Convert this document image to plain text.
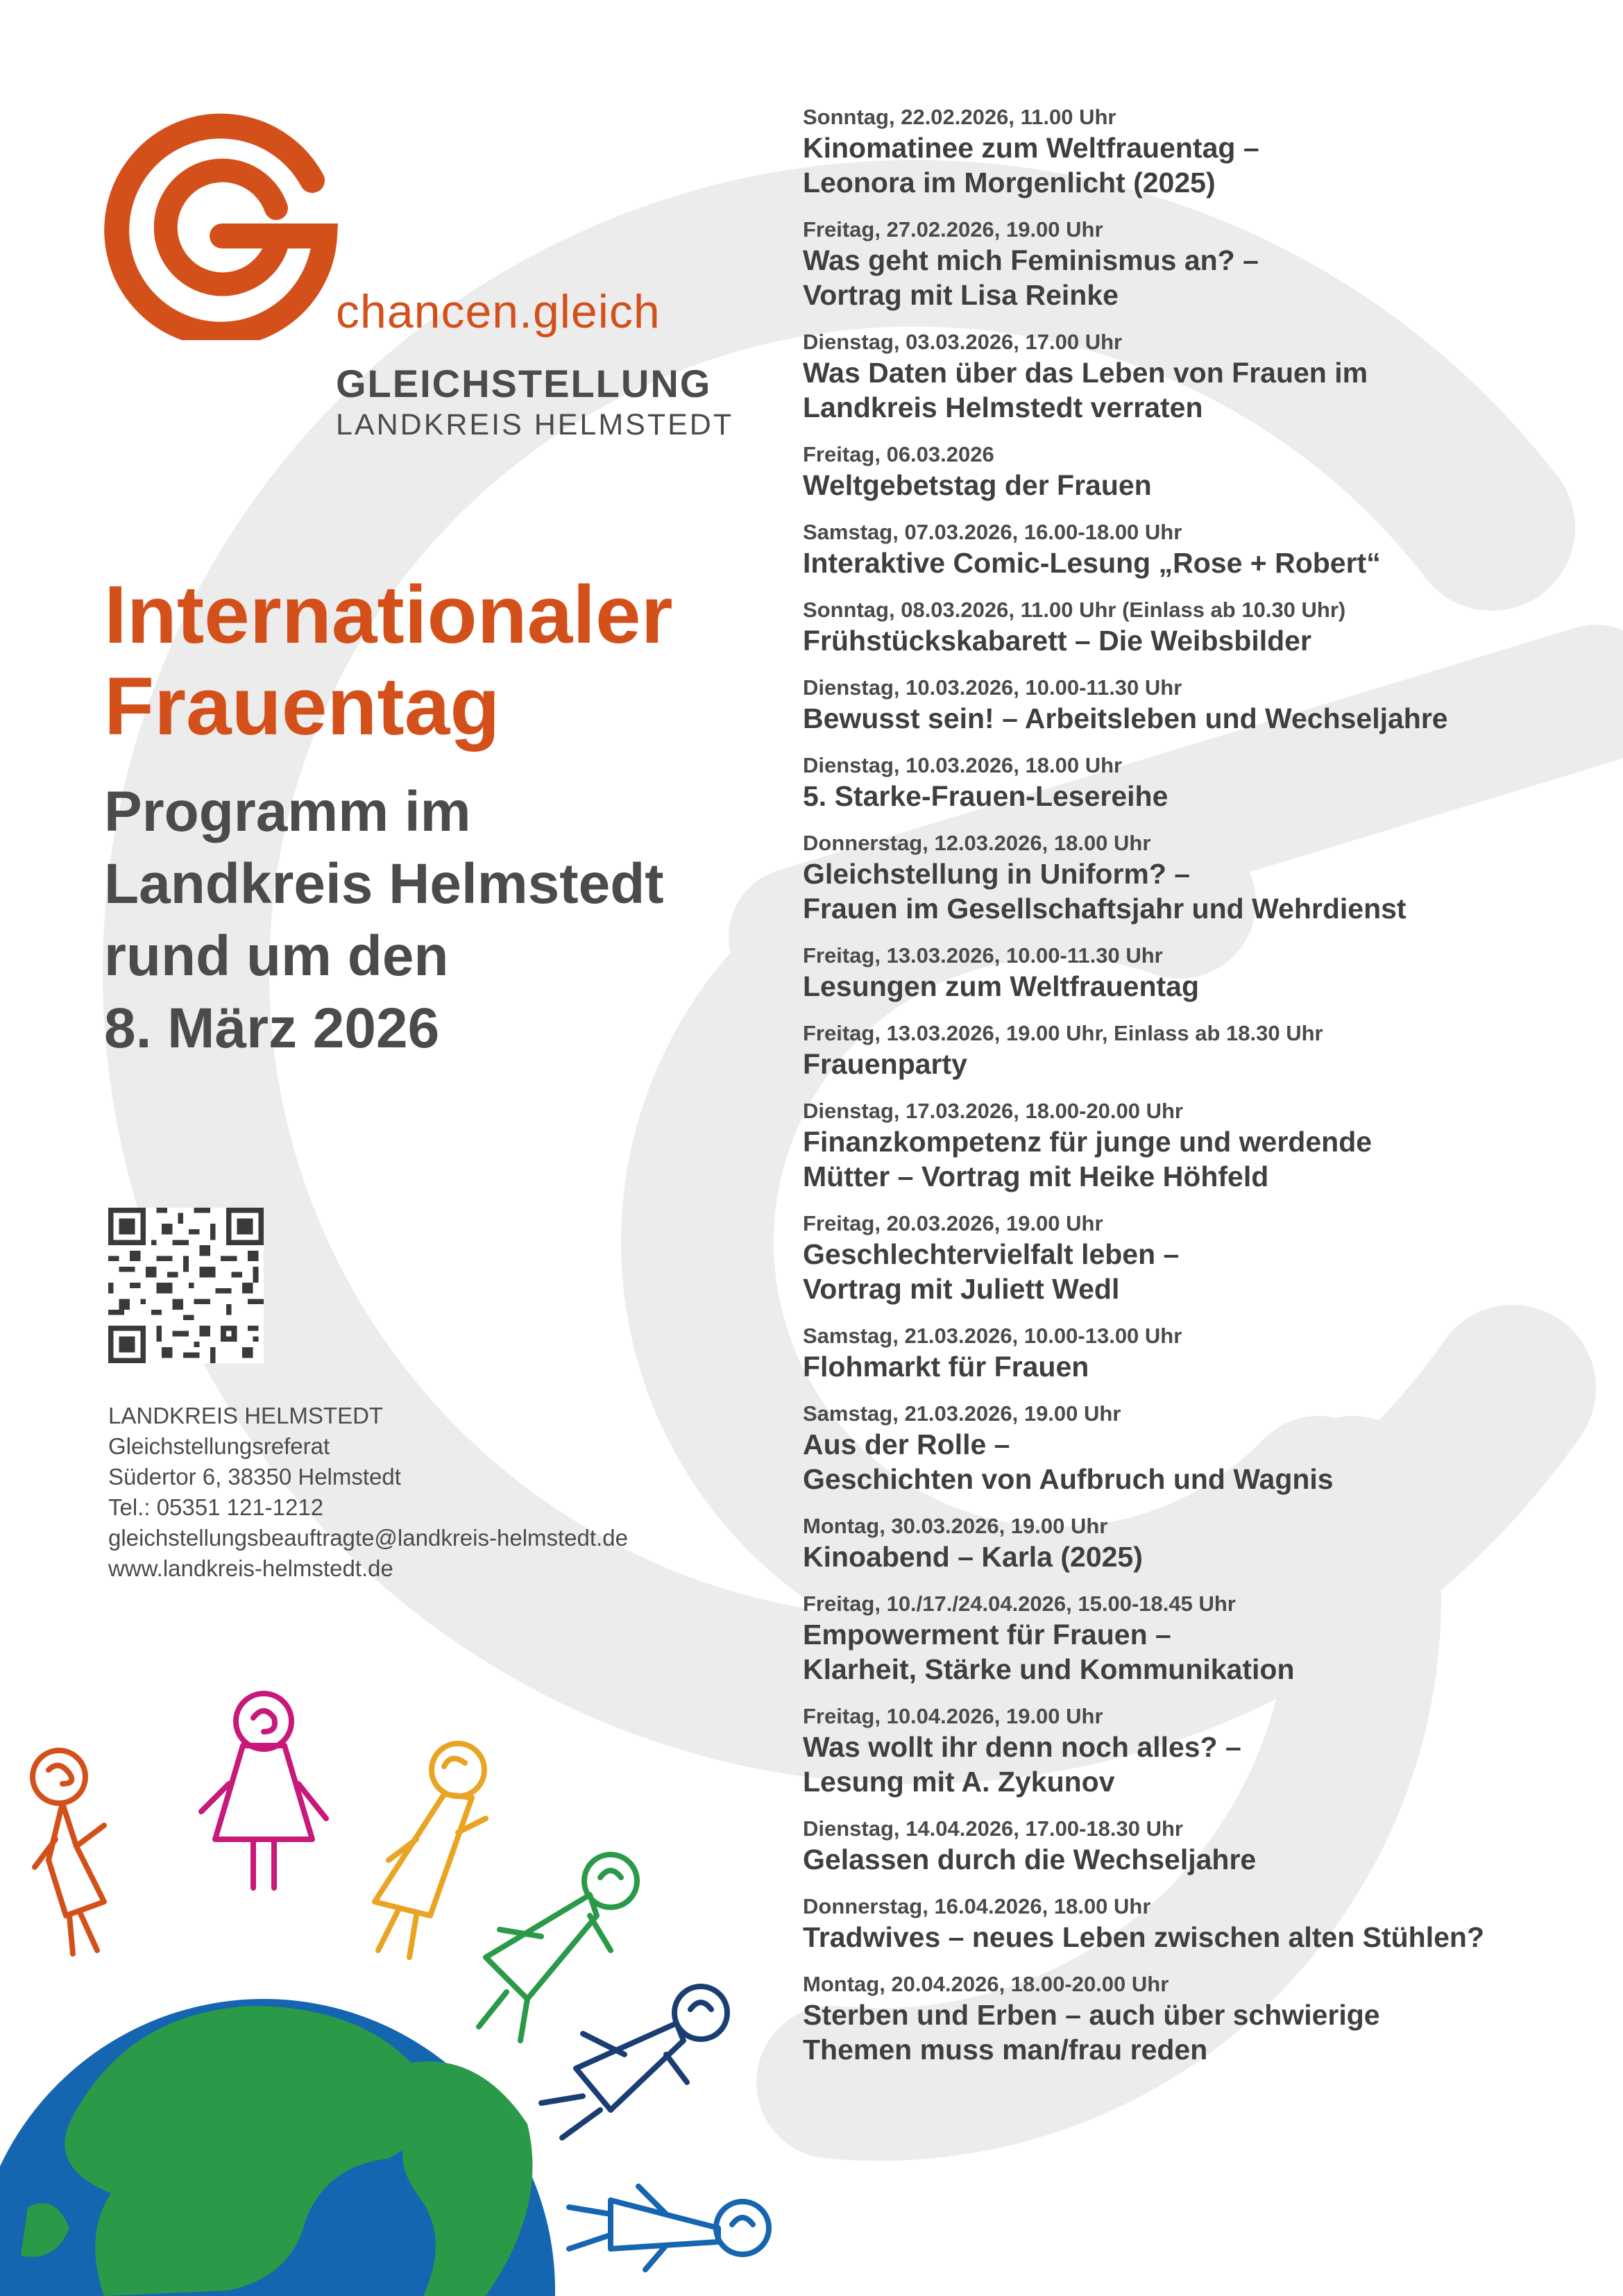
chancen.gleich
GLEICHSTELLUNG
LANDKREIS HELMSTEDT
Internationaler
Frauentag
Programm im
Landkreis Helmstedt
rund um den
8. März 2026
LANDKREIS HELMSTEDT
Gleichstellungsreferat
Südertor 6, 38350 Helmstedt
Tel.: 05351 121-1212
gleichstellungsbeauftragte@landkreis-helmstedt.de
www.landkreis-helmstedt.de
Sonntag, 22.02.2026, 11.00 Uhr
Kinomatinee zum Weltfrauentag –
Leonora im Morgenlicht (2025)
Freitag, 27.02.2026, 19.00 Uhr
Was geht mich Feminismus an? –
Vortrag mit Lisa Reinke
Dienstag, 03.03.2026, 17.00 Uhr
Was Daten über das Leben von Frauen im
Landkreis Helmstedt verraten
Freitag, 06.03.2026
Weltgebetstag der Frauen
Samstag, 07.03.2026, 16.00-18.00 Uhr
Interaktive Comic-Lesung „Rose + Robert“
Sonntag, 08.03.2026, 11.00 Uhr (Einlass ab 10.30 Uhr)
Frühstückskabarett – Die Weibsbilder
Dienstag, 10.03.2026, 10.00-11.30 Uhr
Bewusst sein! – Arbeitsleben und Wechseljahre
Dienstag, 10.03.2026, 18.00 Uhr
5. Starke-Frauen-Lesereihe
Donnerstag, 12.03.2026, 18.00 Uhr
Gleichstellung in Uniform? –
Frauen im Gesellschaftsjahr und Wehrdienst
Freitag, 13.03.2026, 10.00-11.30 Uhr
Lesungen zum Weltfrauentag
Freitag, 13.03.2026, 19.00 Uhr, Einlass ab 18.30 Uhr
Frauenparty
Dienstag, 17.03.2026, 18.00-20.00 Uhr
Finanzkompetenz für junge und werdende
Mütter – Vortrag mit Heike Höhfeld
Freitag, 20.03.2026, 19.00 Uhr
Geschlechtervielfalt leben –
Vortrag mit Juliett Wedl
Samstag, 21.03.2026, 10.00-13.00 Uhr
Flohmarkt für Frauen
Samstag, 21.03.2026, 19.00 Uhr
Aus der Rolle –
Geschichten von Aufbruch und Wagnis
Montag, 30.03.2026, 19.00 Uhr
Kinoabend – Karla (2025)
Freitag, 10./17./24.04.2026, 15.00-18.45 Uhr
Empowerment für Frauen –
Klarheit, Stärke und Kommunikation
Freitag, 10.04.2026, 19.00 Uhr
Was wollt ihr denn noch alles? –
Lesung mit A. Zykunov
Dienstag, 14.04.2026, 17.00-18.30 Uhr
Gelassen durch die Wechseljahre
Donnerstag, 16.04.2026, 18.00 Uhr
Tradwives – neues Leben zwischen alten Stühlen?
Montag, 20.04.2026, 18.00-20.00 Uhr
Sterben und Erben – auch über schwierige
Themen muss man/frau reden
